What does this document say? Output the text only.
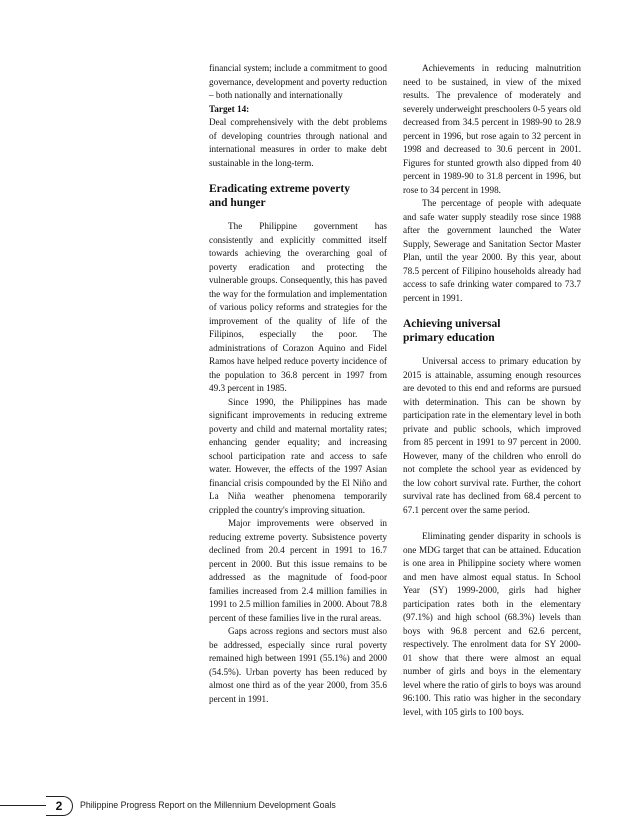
financial system; include a commitment to good governance, development and poverty reduction – both nationally and internationally

Target 14:

Deal comprehensively with the debt problems of developing countries through national and international measures in order to make debt sustainable in the long-term.

Eradicating extreme poverty
and hunger

The Philippine government has consistently and explicitly committed itself towards achieving the overarching goal of poverty eradication and protecting the vulnerable groups. Consequently, this has paved the way for the formulation and implementation of various policy reforms and strategies for the improvement of the quality of life of the Filipinos, especially the poor. The administrations of Corazon Aquino and Fidel Ramos have helped reduce poverty incidence of the population to 36.8 percent in 1997 from 49.3 percent in 1985.

Since 1990, the Philippines has made significant improvements in reducing extreme poverty and child and maternal mortality rates; enhancing gender equality; and increasing school participation rate and access to safe water. However, the effects of the 1997 Asian financial crisis compounded by the El Niño and La Niña weather phenomena temporarily crippled the country's improving situation.

Major improvements were observed in reducing extreme poverty. Subsistence poverty declined from 20.4 percent in 1991 to 16.7 percent in 2000. But this issue remains to be addressed as the magnitude of food-poor families increased from 2.4 million families in 1991 to 2.5 million families in 2000. About 78.8 percent of these families live in the rural areas.

Gaps across regions and sectors must also be addressed, especially since rural poverty remained high between 1991 (55.1%) and 2000 (54.5%). Urban poverty has been reduced by almost one third as of the year 2000, from 35.6 percent in 1991.

Achievements in reducing malnutrition need to be sustained, in view of the mixed results. The prevalence of moderately and severely underweight preschoolers 0-5 years old decreased from 34.5 percent in 1989-90 to 28.9 percent in 1996, but rose again to 32 percent in 1998 and decreased to 30.6 percent in 2001. Figures for stunted growth also dipped from 40 percent in 1989-90 to 31.8 percent in 1996, but rose to 34 percent in 1998.

The percentage of people with adequate and safe water supply steadily rose since 1988 after the government launched the Water Supply, Sewerage and Sanitation Sector Master Plan, until the year 2000. By this year, about 78.5 percent of Filipino households already had access to safe drinking water compared to 73.7 percent in 1991.

Achieving universal
primary education

Universal access to primary education by 2015 is attainable, assuming enough resources are devoted to this end and reforms are pursued with determination. This can be shown by participation rate in the elementary level in both private and public schools, which improved from 85 percent in 1991 to 97 percent in 2000. However, many of the children who enroll do not complete the school year as evidenced by the low cohort survival rate. Further, the cohort survival rate has declined from 68.4 percent to 67.1 percent over the same period.

Eliminating gender disparity in schools is one MDG target that can be attained. Education is one area in Philippine society where women and men have almost equal status. In School Year (SY) 1999-2000, girls had higher participation rates both in the elementary (97.1%) and high school (68.3%) levels than boys with 96.8 percent and 62.6 percent, respectively. The enrolment data for SY 2000-01 show that there were almost an equal number of girls and boys in the elementary level where the ratio of girls to boys was around 96:100. This ratio was higher in the secondary level, with 105 girls to 100 boys.

2	Philippine Progress Report on the Millennium Development Goals
